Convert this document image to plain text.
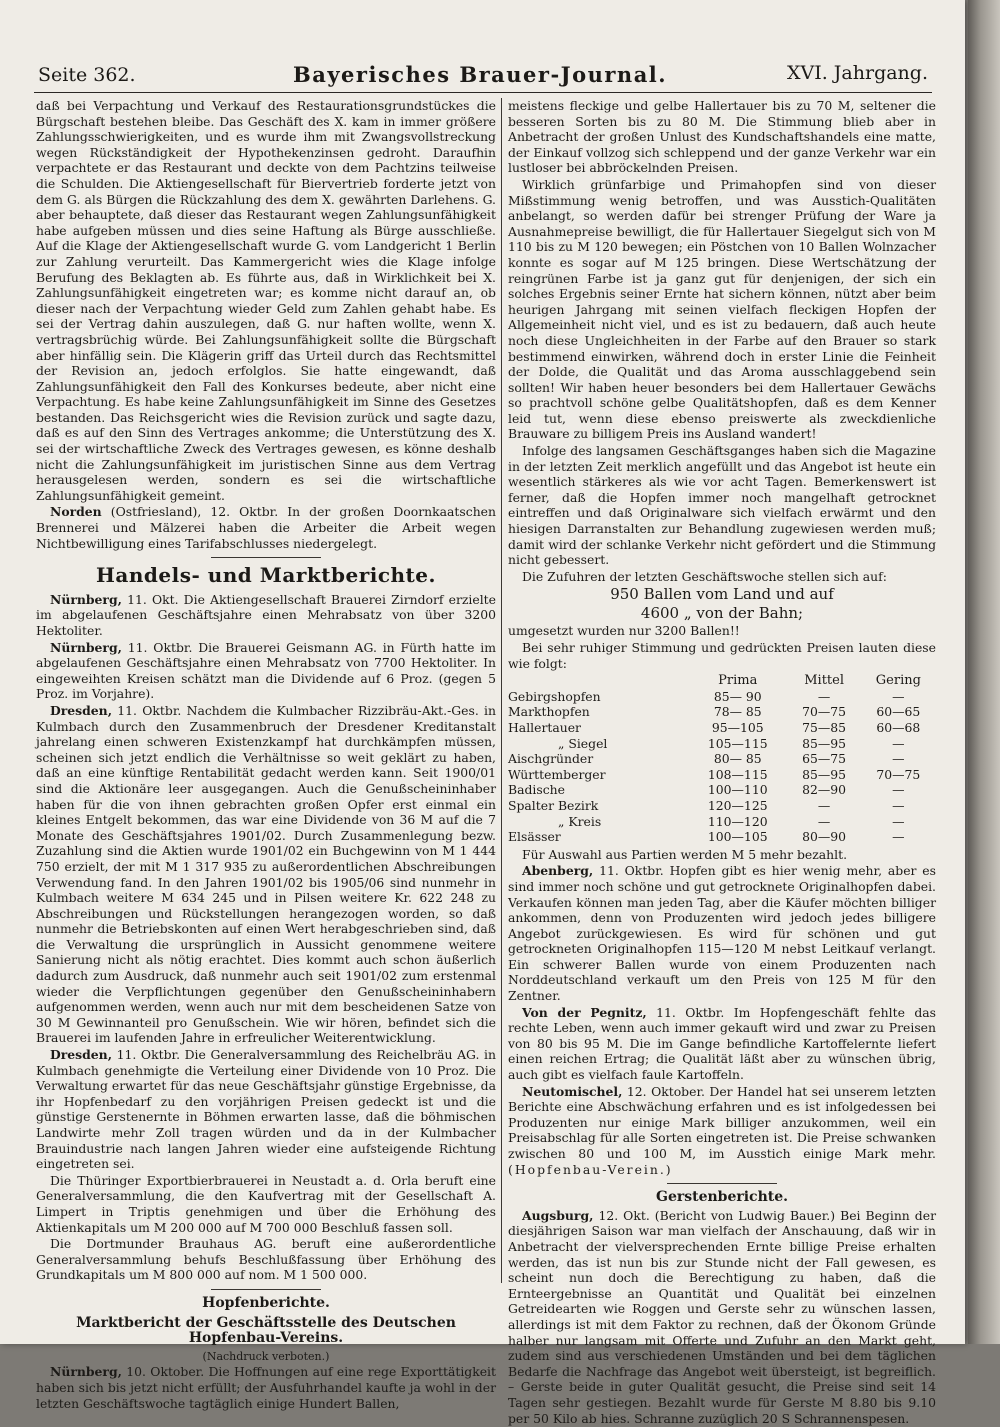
Seite 362.	Bayerisches Brauer-Journal.	XVI. Jahrgang.

daß bei Verpachtung und Verkauf des Restaurationsgrundstückes die Bürgschaft bestehen bleibe. Das Geschäft des X. kam in immer größere Zahlungsschwierigkeiten, und es wurde ihm mit Zwangsvollstreckung wegen Rückständigkeit der Hypothekenzinsen gedroht. Daraufhin verpachtete er das Restaurant und deckte von dem Pachtzins teilweise die Schulden. Die Aktiengesellschaft für Biervertrieb forderte jetzt von dem G. als Bürgen die Rückzahlung des dem X. gewährten Darlehens. G. aber behauptete, daß dieser das Restaurant wegen Zahlungsunfähigkeit habe aufgeben müssen und dies seine Haftung als Bürge ausschließe. Auf die Klage der Aktiengesellschaft wurde G. vom Landgericht 1 Berlin zur Zahlung verurteilt. Das Kammergericht wies die Klage infolge Berufung des Beklagten ab. Es führte aus, daß in Wirklichkeit bei X. Zahlungsunfähigkeit eingetreten war; es komme nicht darauf an, ob dieser nach der Verpachtung wieder Geld zum Zahlen gehabt habe. Es sei der Vertrag dahin auszulegen, daß G. nur haften wollte, wenn X. vertragsbrüchig würde. Bei Zahlungsunfähigkeit sollte die Bürgschaft aber hinfällig sein. Die Klägerin griff das Urteil durch das Rechtsmittel der Revision an, jedoch erfolglos. Sie hatte eingewandt, daß Zahlungsunfähigkeit den Fall des Konkurses bedeute, aber nicht eine Verpachtung. Es habe keine Zahlungsunfähigkeit im Sinne des Gesetzes bestanden. Das Reichsgericht wies die Revision zurück und sagte dazu, daß es auf den Sinn des Vertrages ankomme; die Unterstützung des X. sei der wirtschaftliche Zweck des Vertrages gewesen, es könne deshalb nicht die Zahlungsunfähigkeit im juristischen Sinne aus dem Vertrag herausgelesen werden, sondern es sei die wirtschaftliche Zahlungsunfähigkeit gemeint.

Norden (Ostfriesland), 12. Oktbr. In der großen Doornkaatschen Brennerei und Mälzerei haben die Arbeiter die Arbeit wegen Nichtbewilligung eines Tarifabschlusses niedergelegt.

Handels- und Marktberichte.

Nürnberg, 11. Okt. Die Aktiengesellschaft Brauerei Zirndorf erzielte im abgelaufenen Geschäftsjahre einen Mehrabsatz von über 3200 Hektoliter.

Nürnberg, 11. Oktbr. Die Brauerei Geismann AG. in Fürth hatte im abgelaufenen Geschäftsjahre einen Mehrabsatz von 7700 Hektoliter. In eingeweihten Kreisen schätzt man die Dividende auf 6 Proz. (gegen 5 Proz. im Vorjahre).

Dresden, 11. Oktbr. Nachdem die Kulmbacher Rizzibräu-Akt.-Ges. in Kulmbach durch den Zusammenbruch der Dresdener Kreditanstalt jahrelang einen schweren Existenzkampf hat durchkämpfen müssen, scheinen sich jetzt endlich die Verhältnisse so weit geklärt zu haben, daß an eine künftige Rentabilität gedacht werden kann. Seit 1900/01 sind die Aktionäre leer ausgegangen. Auch die Genußscheininhaber haben für die von ihnen gebrachten großen Opfer erst einmal ein kleines Entgelt bekommen, das war eine Dividende von 36 M auf die 7 Monate des Geschäftsjahres 1901/02. Durch Zusammenlegung bezw. Zuzahlung sind die Aktien wurde 1901/02 ein Buchgewinn von M 1 444 750 erzielt, der mit M 1 317 935 zu außerordentlichen Abschreibungen Verwendung fand. In den Jahren 1901/02 bis 1905/06 sind nunmehr in Kulmbach weitere M 634 245 und in Pilsen weitere Kr. 622 248 zu Abschreibungen und Rückstellungen herangezogen worden, so daß nunmehr die Betriebskonten auf einen Wert herabgeschrieben sind, daß die Verwaltung die ursprünglich in Aussicht genommene weitere Sanierung nicht als nötig erachtet. Dies kommt auch schon äußerlich dadurch zum Ausdruck, daß nunmehr auch seit 1901/02 zum erstenmal wieder die Verpflichtungen gegenüber den Genußscheininhabern aufgenommen werden, wenn auch nur mit dem bescheidenen Satze von 30 M Gewinnanteil pro Genußschein. Wie wir hören, befindet sich die Brauerei im laufenden Jahre in erfreulicher Weiterentwicklung.

Dresden, 11. Oktbr. Die Generalversammlung des Reichelbräu AG. in Kulmbach genehmigte die Verteilung einer Dividende von 10 Proz. Die Verwaltung erwartet für das neue Geschäftsjahr günstige Ergebnisse, da ihr Hopfenbedarf zu den vorjährigen Preisen gedeckt ist und die günstige Gerstenernte in Böhmen erwarten lasse, daß die böhmischen Landwirte mehr Zoll tragen würden und da in der Kulmbacher Brauindustrie nach langen Jahren wieder eine aufsteigende Richtung eingetreten sei.

Die Thüringer Exportbierbrauerei in Neustadt a. d. Orla beruft eine Generalversammlung, die den Kaufvertrag mit der Gesellschaft A. Limpert in Triptis genehmigen und über die Erhöhung des Aktienkapitals um M 200 000 auf M 700 000 Beschluß fassen soll.

Die Dortmunder Brauhaus AG. beruft eine außerordentliche Generalversammlung behufs Beschlußfassung über Erhöhung des Grundkapitals um M 800 000 auf nom. M 1 500 000.

Hopfenberichte.
Marktbericht der Geschäftsstelle des Deutschen Hopfenbau-Vereins.
(Nachdruck verboten.)

Nürnberg, 10. Oktober. Die Hoffnungen auf eine rege Exporttätigkeit haben sich bis jetzt nicht erfüllt; der Ausfuhrhandel kaufte ja wohl in der letzten Geschäftswoche tagtäglich einige Hundert Ballen,

meistens fleckige und gelbe Hallertauer bis zu 70 M, seltener die besseren Sorten bis zu 80 M. Die Stimmung blieb aber in Anbetracht der großen Unlust des Kundschaftshandels eine matte, der Einkauf vollzog sich schleppend und der ganze Verkehr war ein lustloser bei abbröckelnden Preisen.

Wirklich grünfarbige und Primahopfen sind von dieser Mißstimmung wenig betroffen, und was Ausstich-Qualitäten anbelangt, so werden dafür bei strenger Prüfung der Ware ja Ausnahmepreise bewilligt, die für Hallertauer Siegelgut sich von M 110 bis zu M 120 bewegen; ein Pöstchen von 10 Ballen Wolnzacher konnte es sogar auf M 125 bringen. Diese Wertschätzung der reingrünen Farbe ist ja ganz gut für denjenigen, der sich ein solches Ergebnis seiner Ernte hat sichern können, nützt aber beim heurigen Jahrgang mit seinen vielfach fleckigen Hopfen der Allgemeinheit nicht viel, und es ist zu bedauern, daß auch heute noch diese Ungleichheiten in der Farbe auf den Brauer so stark bestimmend einwirken, während doch in erster Linie die Feinheit der Dolde, die Qualität und das Aroma ausschlaggebend sein sollten! Wir haben heuer besonders bei dem Hallertauer Gewächs so prachtvoll schöne gelbe Qualitätshopfen, daß es dem Kenner leid tut, wenn diese ebenso preiswerte als zweckdienliche Brauware zu billigem Preis ins Ausland wandert!

Infolge des langsamen Geschäftsganges haben sich die Magazine in der letzten Zeit merklich angefüllt und das Angebot ist heute ein wesentlich stärkeres als wie vor acht Tagen. Bemerkenswert ist ferner, daß die Hopfen immer noch mangelhaft getrocknet eintreffen und daß Originalware sich vielfach erwärmt und den hiesigen Darranstalten zur Behandlung zugewiesen werden muß; damit wird der schlanke Verkehr nicht gefördert und die Stimmung nicht gebessert.

Die Zufuhren der letzten Geschäftswoche stellen sich auf:

950 Ballen vom Land und auf
4600 „ von der Bahn;

umgesetzt wurden nur 3200 Ballen!!

Bei sehr ruhiger Stimmung und gedrückten Preisen lauten diese wie folgt:

	Prima	Mittel	Gering
Gebirgshopfen	85— 90	—	—
Markthopfen	78— 85	70—75	60—65
Hallertauer	95—105	75—85	60—68
„ Siegel	105—115	85—95	—
Aischgründer	80— 85	65—75	—
Württemberger	108—115	85—95	70—75
Badische	100—110	82—90	—
Spalter Bezirk	120—125	—	—
„ Kreis	110—120	—	—
Elsässer	100—105	80—90	—

Für Auswahl aus Partien werden M 5 mehr bezahlt.

Abenberg, 11. Oktbr. Hopfen gibt es hier wenig mehr, aber es sind immer noch schöne und gut getrocknete Originalhopfen dabei. Verkaufen können man jeden Tag, aber die Käufer möchten billiger ankommen, denn von Produzenten wird jedoch jedes billigere Angebot zurückgewiesen. Es wird für schönen und gut getrockneten Originalhopfen 115—120 M nebst Leitkauf verlangt. Ein schwerer Ballen wurde von einem Produzenten nach Norddeutschland verkauft um den Preis von 125 M für den Zentner.

Von der Pegnitz, 11. Oktbr. Im Hopfengeschäft fehlte das rechte Leben, wenn auch immer gekauft wird und zwar zu Preisen von 80 bis 95 M. Die im Gange befindliche Kartoffelernte liefert einen reichen Ertrag; die Qualität läßt aber zu wünschen übrig, auch gibt es vielfach faule Kartoffeln.

Neutomischel, 12. Oktober. Der Handel hat sei unserem letzten Berichte eine Abschwächung erfahren und es ist infolgedessen bei Produzenten nur einige Mark billiger anzukommen, weil ein Preisabschlag für alle Sorten eingetreten ist. Die Preise schwanken zwischen 80 und 100 M, im Ausstich einige Mark mehr. (Hopfenbau-Verein.)

Gerstenberichte.

Augsburg, 12. Okt. (Bericht von Ludwig Bauer.) Bei Beginn der diesjährigen Saison war man vielfach der Anschauung, daß wir in Anbetracht der vielversprechenden Ernte billige Preise erhalten werden, das ist nun bis zur Stunde nicht der Fall gewesen, es scheint nun doch die Berechtigung zu haben, daß die Ernteergebnisse an Quantität und Qualität bei einzelnen Getreidearten wie Roggen und Gerste sehr zu wünschen lassen, allerdings ist mit dem Faktor zu rechnen, daß der Ökonom Gründe halber nur langsam mit Offerte und Zufuhr an den Markt geht, zudem sind aus verschiedenen Umständen und bei dem täglichen Bedarfe die Nachfrage das Angebot weit übersteigt, ist begreiflich. – Gerste beide in guter Qualität gesucht, die Preise sind seit 14 Tagen sehr gestiegen. Bezahlt wurde für Gerste M 8.80 bis 9.10 per 50 Kilo ab hies. Schranne zuzüglich 20 S Schrannenspesen.
